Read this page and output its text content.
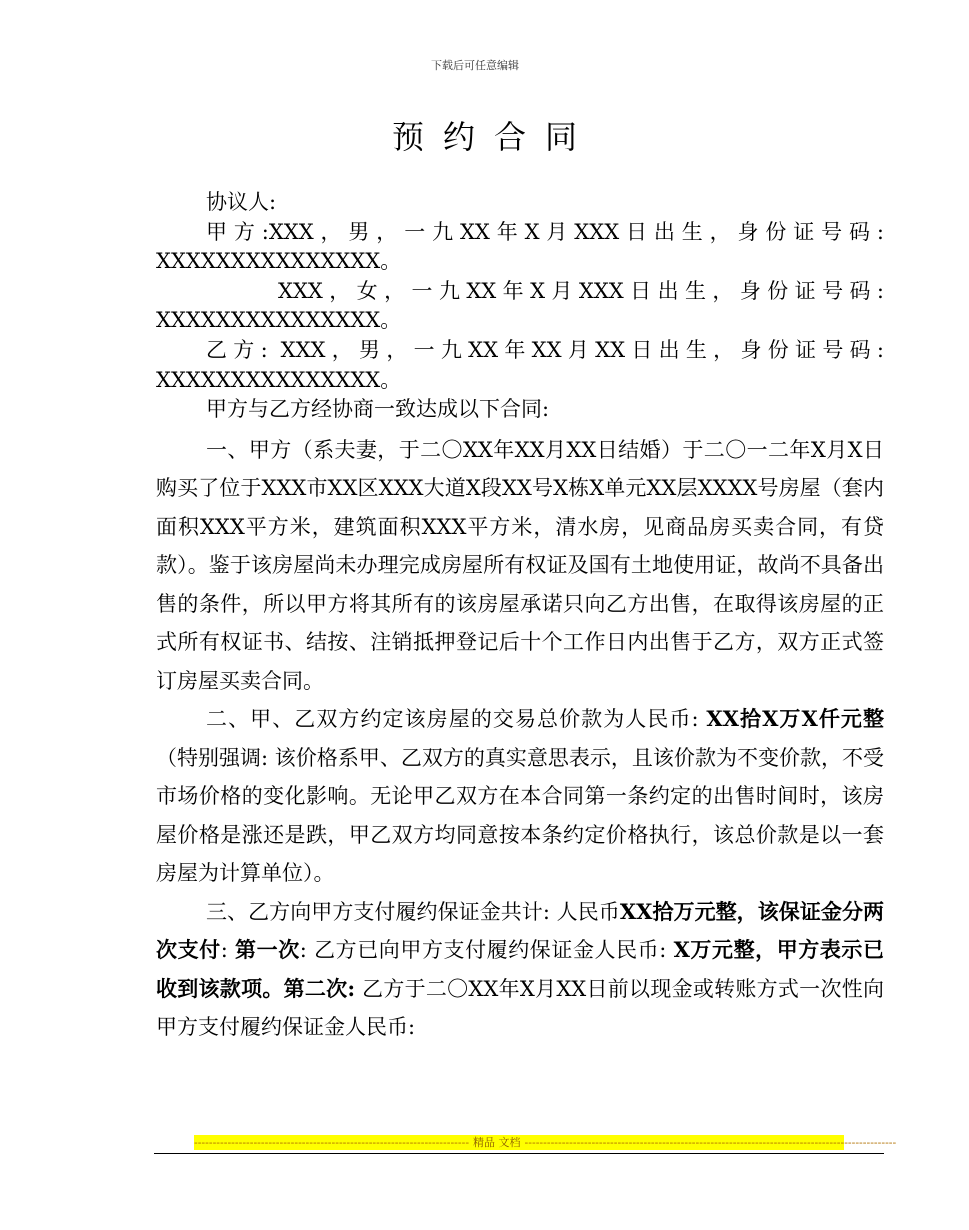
下载后可任意编辑
预约合同

协议人:

甲方:XXX，男，一九XX年X月XXX日出生，身份证号码:

XXXXXXXXXXXXXXX。

XXX，女，一九XX年X月XXX日出生，身份证号码:

XXXXXXXXXXXXXXX。

乙方: XXX，男，一九XX年XX月XX日出生，身份证号码:

XXXXXXXXXXXXXXX。

甲方与乙方经协商一致达成以下合同:

一、甲方（系夫妻，于二〇XX年XX月XX日结婚）于二〇一二年X月X日购买了位于XXX市XX区XXX大道X段XX号X栋X单元XX层XXXX号房屋（套内面积XXX平方米，建筑面积XXX平方米，清水房，见商品房买卖合同，有贷款）。鉴于该房屋尚未办理完成房屋所有权证及国有土地使用证，故尚不具备出售的条件，所以甲方将其所有的该房屋承诺只向乙方出售，在取得该房屋的正式所有权证书、结按、注销抵押登记后十个工作日内出售于乙方，双方正式签订房屋买卖合同。

二、甲、乙双方约定该房屋的交易总价款为人民币: XX拾X万X仟元整（特别强调: 该价格系甲、乙双方的真实意思表示，且该价款为不变价款，不受市场价格的变化影响。无论甲乙双方在本合同第一条约定的出售时间时，该房屋价格是涨还是跌，甲乙双方均同意按本条约定价格执行，该总价款是以一套房屋为计算单位）。

三、乙方向甲方支付履约保证金共计: 人民币XX拾万元整，该保证金分两次支付: 第一次: 乙方已向甲方支付履约保证金人民币: X万元整，甲方表示已收到该款项。第二次: 乙方于二〇XX年X月XX日前以现金或转账方式一次性向甲方支付履约保证金人民币:

-------------------------------------------------------------------------- 精品 文档 ----------------------------------------------------------------------------------------------------
